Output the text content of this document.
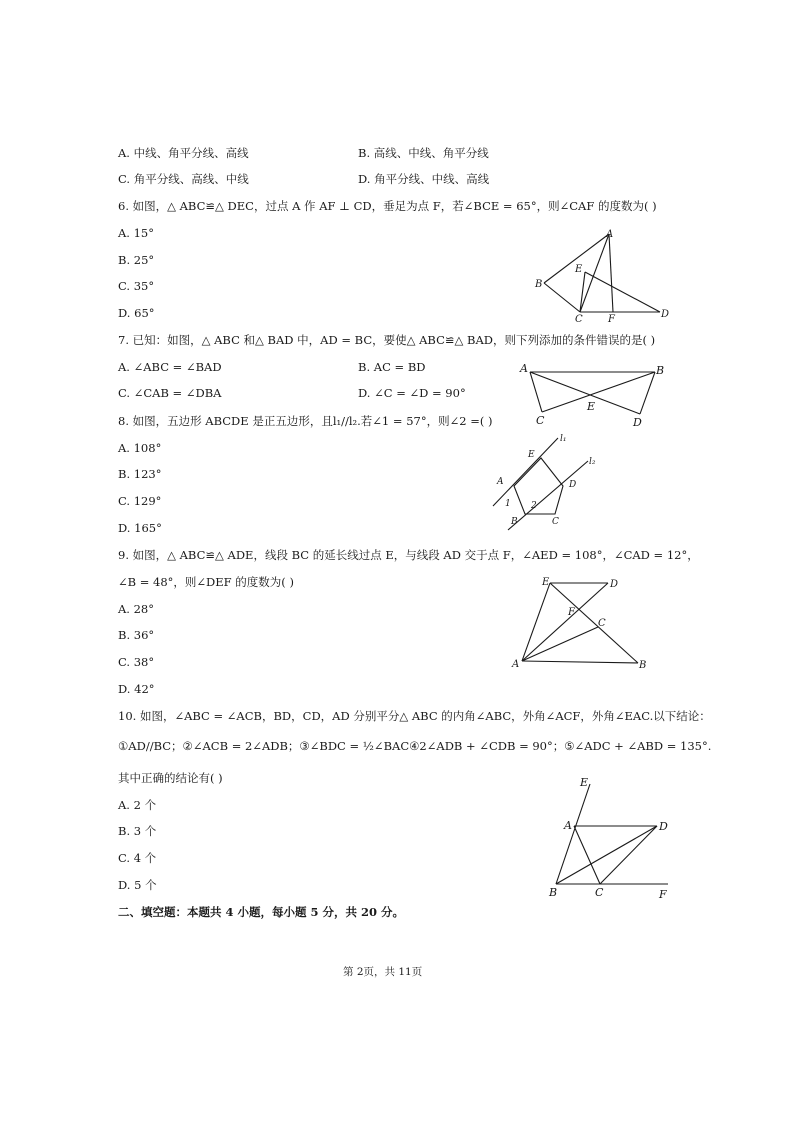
A. 中线、角平分线、高线	B. 高线、中线、角平分线
C. 角平分线、高线、中线	D. 角平分线、中线、高线
6. 如图，△ ABC≌△ DEC，过点 A 作 AF ⊥ CD，垂足为点 F，若∠BCE = 65°，则∠CAF 的度数为( )
A. 15°
B. 25°
C. 35°
D. 65°
A
E
B
C	F	D
7. 已知：如图，△ ABC 和△ BAD 中，AD = BC，要使△ ABC≌△ BAD，则下列添加的条件错误的是( )
A. ∠ABC = ∠BAD	B. AC = BD
C. ∠CAB = ∠DBA	D. ∠C = ∠D = 90°
A	B
C
E
D
8. 如图，五边形 ABCDE 是正五边形，且l₁//l₂.若∠1 = 57°，则∠2 =( )
A. 108°
B. 123°
C. 129°
D. 165°
l₁
l₂
E
A	D
1 2
B	C
9. 如图，△ ABC≌△ ADE，线段 BC 的延长线过点 E，与线段 AD 交于点 F，∠AED = 108°，∠CAD = 12°，
∠B = 48°，则∠DEF 的度数为( )
A. 28°
B. 36°
C. 38°
D. 42°
E	D
F
C
A	B
10. 如图，∠ABC = ∠ACB，BD，CD，AD 分别平分△ ABC 的内角∠ABC，外角∠ACF，外角∠EAC.以下结论：
①AD//BC；②∠ACB = 2∠ADB；③∠BDC = ½∠BAC④2∠ADB + ∠CDB = 90°；⑤∠ADC + ∠ABD = 135°.
其中正确的结论有( )
A. 2 个
B. 3 个
C. 4 个
D. 5 个
E
A	D
B	C	F
二、填空题：本题共 4 小题，每小题 5 分，共 20 分。
第 2页，共 11页
